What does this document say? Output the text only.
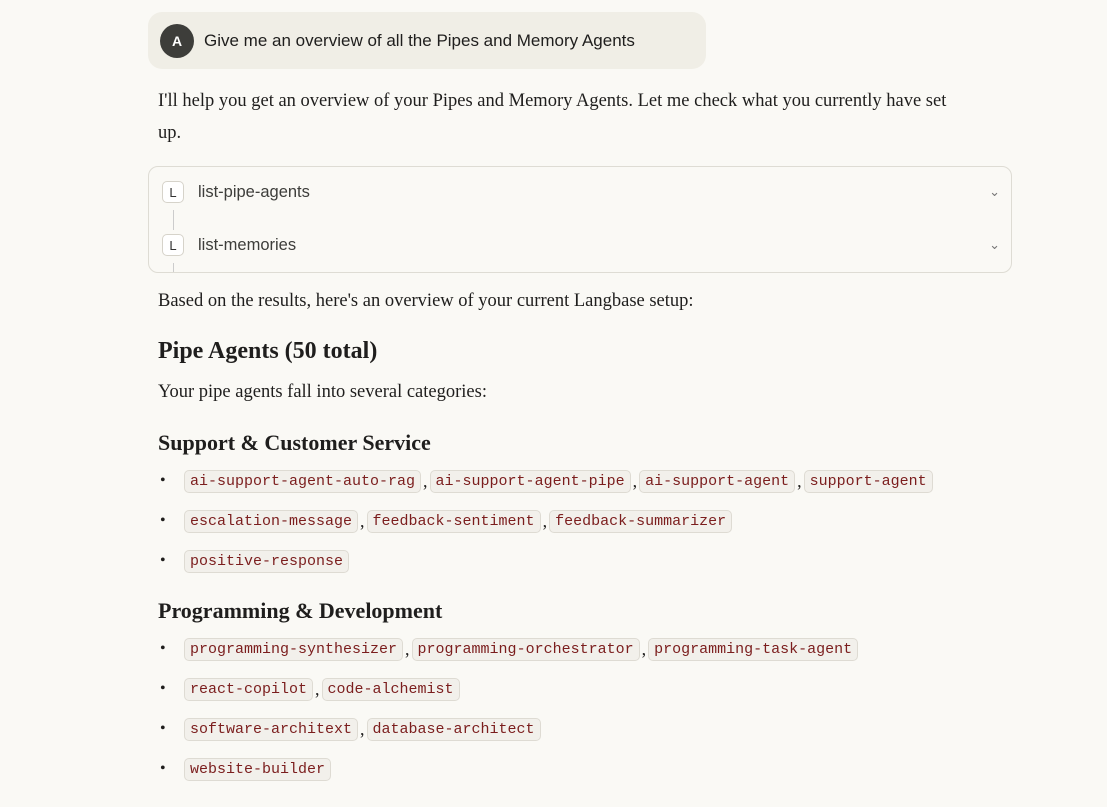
A	Give me an overview of all the Pipes and Memory Agents
I'll help you get an overview of your Pipes and Memory Agents. Let me check what you currently have set up.
L	list-pipe-agents	⌄
L	list-memories	⌄
Based on the results, here's an overview of your current Langbase setup:
Pipe Agents (50 total)
Your pipe agents fall into several categories:
Support & Customer Service
• ai-support-agent-auto-rag , ai-support-agent-pipe , ai-support-agent , support-agent
• escalation-message , feedback-sentiment , feedback-summarizer
• positive-response
Programming & Development
• programming-synthesizer , programming-orchestrator , programming-task-agent
• react-copilot , code-alchemist
• software-architext , database-architect
• website-builder
